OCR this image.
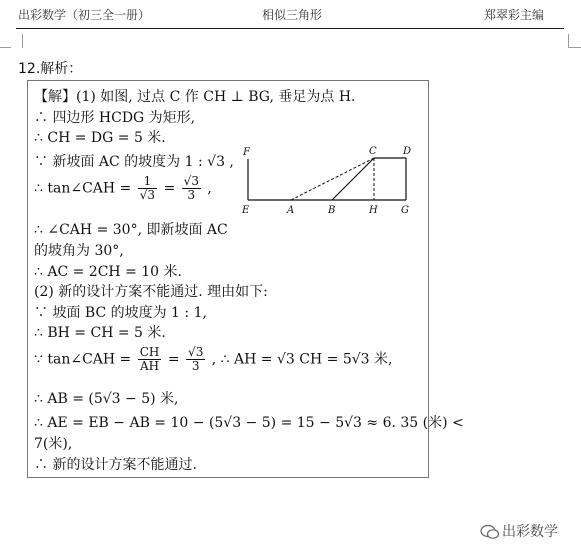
出彩数学（初三全一册）	相似三角形	郑翠彩主编
12.解析：
【解】(1) 如图, 过点 C 作 CH ⊥ BG, 垂足为点 H.
∴ 四边形 HCDG 为矩形,
∴ CH = DG = 5 米.
∵ 新坡面 AC 的坡度为 1 : √3 ,
∴ tan∠CAH = $\frac{1}{√3} = \frac{√3}{3}$ ,
∴ ∠CAH = 30°, 即新坡面 AC
的坡角为 30°,
∴ AC = 2CH = 10 米.
(2) 新的设计方案不能通过. 理由如下:
∵ 坡面 BC 的坡度为 1 : 1,
∴ BH = CH = 5 米.
∵ tan∠CAH = $\frac{CH}{AH} = \frac{√3}{3}$ , ∴ AH = √3 CH = 5√3 米,
∴ AB = (5√3 − 5) 米,
∴ AE = EB − AB = 10 − (5√3 − 5) = 15 − 5√3 ≈ 6. 35 (米) <
7(米),
∴ 新的设计方案不能通过.
F	C	D
E	A	B	H G
出彩数学
